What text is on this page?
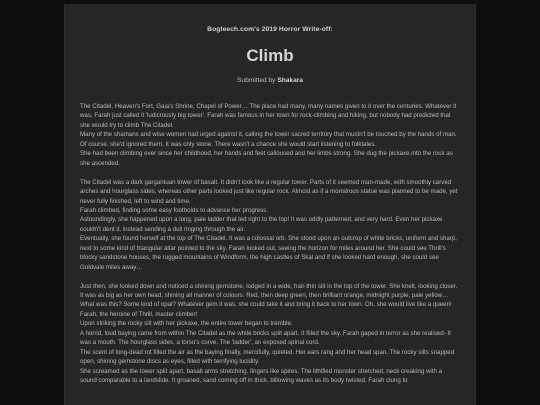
Bogleech.com's 2019 Horror Write-off:
Climb
Submitted by Shakara

The Citadel, Heaven's Fort, Gaia's Shrine, Chapel of Power… The place had many, many names given to it over the centuries. Whatever it was, Farah just called it 'ludicrously big tower'. Farah was famous in her town for rock-climbing and hiking, but nobody had predicted that she would try to climb The Citadel.

Many of the shamans and wise women had urged against it, calling the tower sacred territory that mustn't be touched by the hands of man. Of course, she'd ignored them. It was only stone. There wasn't a chance she would start listening to folktales.

She had been climbing ever since her childhood, her hands and feet calloused and her limbs strong. She dug the pickaxe into the rock as she ascended.

The Citadel was a dark gargantuan tower of basalt. It didn't look like a regular tower. Parts of it seemed man-made, with smoothly carved arches and hourglass sides, whereas other parts looked just like regular rock. Almost as if a monstrous statue was planned to be made, yet never fully finished, left to wind and time.

Farah climbed, finding some easy footholds to advance her progress.

Astoundingly, she happened upon a long, pale ladder that led right to the top! It was oddly patterned, and very hard. Even her pickaxe couldn't dent it, instead sending a dull ringing through the air.

Eventually, she found herself at the top of The Citadel. It was a colossal orb. She stood upon an outcrop of white bricks, uniform and sharp, next to some kind of triangular altar pointed to the sky. Farah looked out, seeing the horizon for miles around her. She could see Thrill's blocky sandstone houses, the rugged mountains of Windform, the high castles of Skal and if she looked hard enough, she could see Goldvale miles away…

Just then, she looked down and noticed a shining gemstone, lodged in a wide, hair-thin slit in the top of the tower. She knelt, looking closer. It was as big as her own head, shining all manner of colours. Red, then deep green, then brilliant orange, midnight purple, pale yellow… What was this? Some kind of opal? Whatever gem it was, she could take it and bring it back to her town. Oh, she would live like a queen! Farah, the heroine of Thrill, master climber!

Upon striking the rocky slit with her pickaxe, the entire tower began to tremble.

A horrid, loud baying came from within The Citadel as the white bricks split apart. It filled the sky. Farah gaped in terror as she realised- It was a mouth. The hourglass sides, a torso's curve. The 'ladder', an exposed spinal cord.

The scent of long-dead rot filled the air as the baying finally, mercifully, quieted. Her ears rang and her head span. The rocky slits snapped open, shining gemstone discs as eyes, filled with terrifying lucidity.

She screamed as the tower split apart, basalt arms stretching, fingers like spires. The lithified monster stretched, neck creaking with a sound comparable to a landslide. It groaned, sand coming off in thick, billowing waves as its body twisted. Farah clung to
